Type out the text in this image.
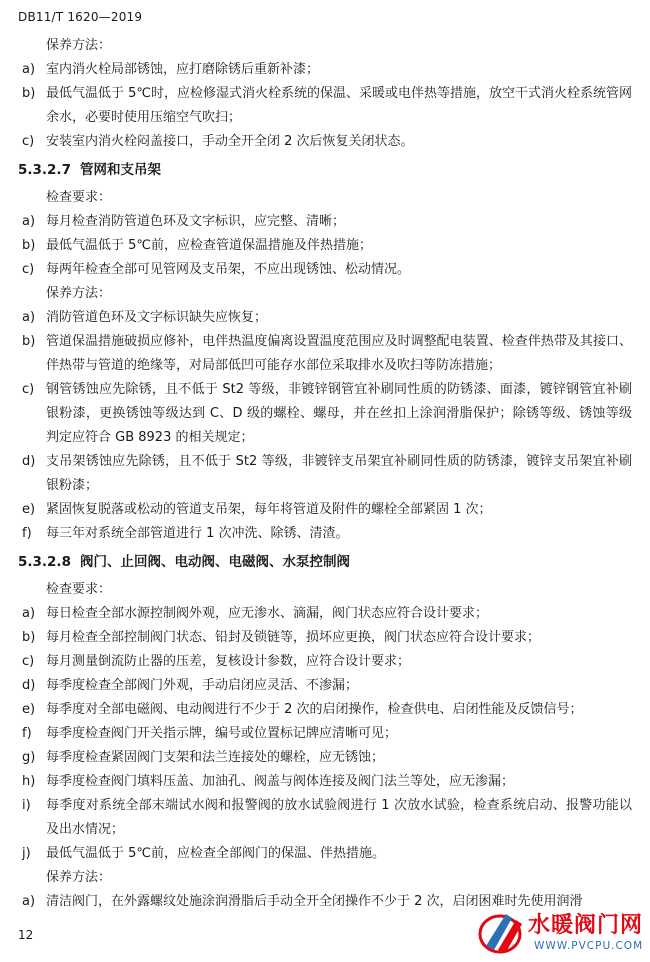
DB11/T 1620—2019

保养方法：

a) 室内消火栓局部锈蚀，应打磨除锈后重新补漆；
b) 最低气温低于 5℃时，应检修湿式消火栓系统的保温、采暖或电伴热等措施，放空干式消火栓系统管网余水，必要时使用压缩空气吹扫；
c) 安装室内消火栓闷盖接口，手动全开全闭 2 次后恢复关闭状态。
5.3.2.7 管网和支吊架

检查要求：

a) 每月检查消防管道色环及文字标识，应完整、清晰；
b) 最低气温低于 5℃前，应检查管道保温措施及伴热措施；
c) 每两年检查全部可见管网及支吊架，不应出现锈蚀、松动情况。

保养方法：

a) 消防管道色环及文字标识缺失应恢复；
b) 管道保温措施破损应修补，电伴热温度偏离设置温度范围应及时调整配电装置、检查伴热带及其接口、伴热带与管道的绝缘等，对局部低凹可能存水部位采取排水及吹扫等防冻措施；
c) 钢管锈蚀应先除锈，且不低于 St2 等级，非镀锌钢管宜补刷同性质的防锈漆、面漆，镀锌钢管宜补刷银粉漆，更换锈蚀等级达到 C、D 级的螺栓、螺母，并在丝扣上涂润滑脂保护；除锈等级、锈蚀等级判定应符合 GB 8923 的相关规定；
d) 支吊架锈蚀应先除锈，且不低于 St2 等级，非镀锌支吊架宜补刷同性质的防锈漆，镀锌支吊架宜补刷银粉漆；
e) 紧固恢复脱落或松动的管道支吊架，每年将管道及附件的螺栓全部紧固 1 次；
f)	每三年对系统全部管道进行 1 次冲洗、除锈、清渣。
5.3.2.8 阀门、止回阀、电动阀、电磁阀、水泵控制阀

检查要求：

a) 每日检查全部水源控制阀外观，应无渗水、滴漏，阀门状态应符合设计要求；
b) 每月检查全部控制阀门状态、铅封及锁链等，损坏应更换，阀门状态应符合设计要求；
c) 每月测量倒流防止器的压差，复核设计参数，应符合设计要求；
d) 每季度检查全部阀门外观，手动启闭应灵活、不渗漏；
e) 每季度对全部电磁阀、电动阀进行不少于 2 次的启闭操作，检查供电、启闭性能及反馈信号；
f)	每季度检查阀门开关指示牌，编号或位置标记牌应清晰可见；
g) 每季度检查紧固阀门支架和法兰连接处的螺栓，应无锈蚀；
h) 每季度检查阀门填料压盖、加油孔、阀盖与阀体连接及阀门法兰等处，应无渗漏；
i)	每季度对系统全部末端试水阀和报警阀的放水试验阀进行 1 次放水试验，检查系统启动、报警功能以及出水情况；
j)	最低气温低于 5℃前，应检查全部阀门的保温、伴热措施。

保养方法：

a) 清洁阀门，在外露螺纹处施涂润滑脂后手动全开全闭操作不少于 2 次，启闭困难时先使用润滑
12	水暖阀门网
WWW.PVCPU.COM
